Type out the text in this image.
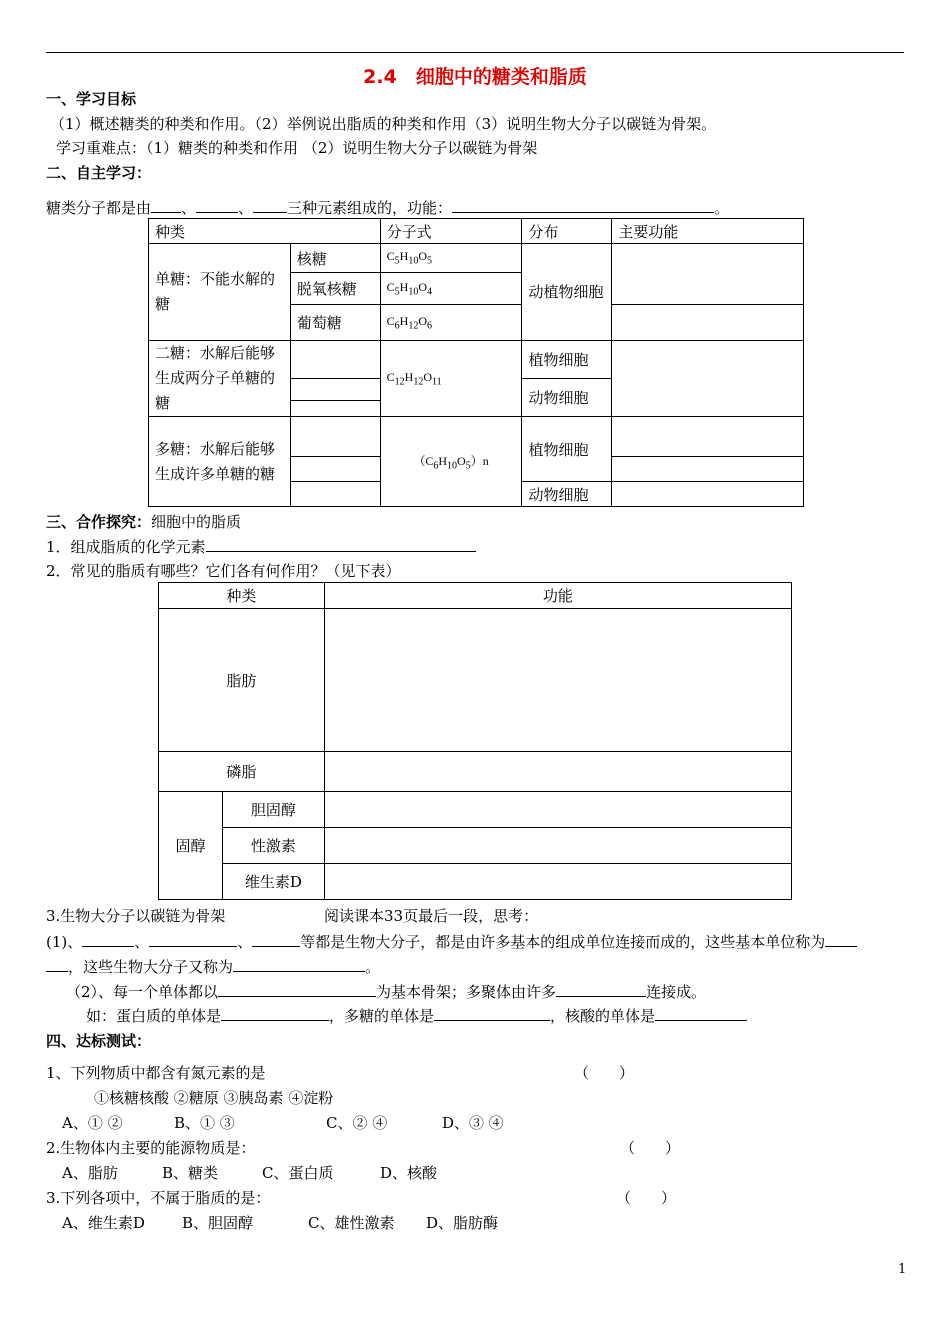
2.4　细胞中的糖类和脂质
一、学习目标
（1）概述糖类的种类和作用。（2）举例说出脂质的种类和作用（3）说明生物大分子以碳链为骨架。
学习重难点：（1）糖类的种类和作用 （2）说明生物大分子以碳链为骨架
二、自主学习：
糖类分子都是由 、	、 三种元素组成的，功能：	。
种类		分子式	分布	主要功能
单糖：不能水解的糖	核糖	$C_5H_{10}O_5$	动植物细胞	
	脱氧核糖	$C_5H_{10}O_4$
	葡萄糖	$C_6H_{12}O_6$	
二糖：水解后能够生成两分子单糖的糖		$C_{12}H_{12}O_{11}$	植物细胞	
			动物细胞	

多糖：水解后能够生成许多单糖的糖		$(C_6H_{10}O_5)n$	植物细胞	

			动物细胞	
三、合作探究：细胞中的脂质
1．组成脂质的化学元素
2．常见的脂质有哪些？它们各有何作用？（见下表）
种类		功能
脂肪		
磷脂		
固醇	胆固醇	
	性激素	
	维生素D	
3.生物大分子以碳链为骨架	阅读课本33页最后一段，思考：
(1)、	、	、	等都是生物大分子，都是由许多基本的组成单位连接而成的，这些基本单位称为
，这些生物大分子又称为	。
（2）、每一个单体都以	为基本骨架；多聚体由许多	连接成。
如：蛋白质的单体是	，多糖的单体是	，核酸的单体是
四、达标测试：
1、下列物质中都含有氮元素的是	（　　）
①核糖核酸 ②糖原 ③胰岛素 ④淀粉
A、① ②	B、① ③	C、② ④	D、③ ④
2.生物体内主要的能源物质是：	（　　）
A、脂肪	B、糖类	C、蛋白质	D、核酸
3.下列各项中，不属于脂质的是：	（　　）
A、维生素D B、胆固醇	C、雄性激素 D、脂肪酶
1
